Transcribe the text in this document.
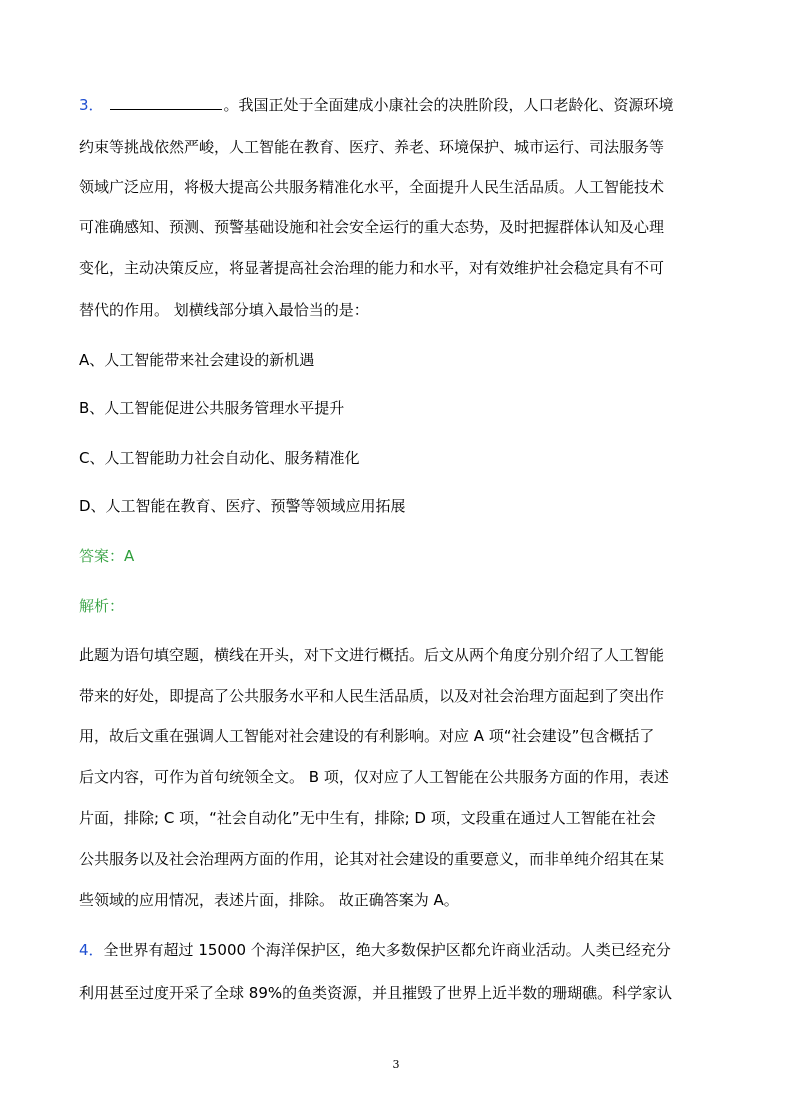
3．	。我国正处于全面建成小康社会的决胜阶段，人口老龄化、资源环境
约束等挑战依然严峻，人工智能在教育、医疗、养老、环境保护、城市运行、司法服务等
领域广泛应用，将极大提高公共服务精准化水平，全面提升人民生活品质。人工智能技术
可准确感知、预测、预警基础设施和社会安全运行的重大态势，及时把握群体认知及心理
变化，主动决策反应，将显著提高社会治理的能力和水平，对有效维护社会稳定具有不可
替代的作用。 划横线部分填入最恰当的是：
A、人工智能带来社会建设的新机遇
B、人工智能促进公共服务管理水平提升
C、人工智能助力社会自动化、服务精准化
D、人工智能在教育、医疗、预警等领域应用拓展
答案：A
解析：
此题为语句填空题，横线在开头，对下文进行概括。后文从两个角度分别介绍了人工智能
带来的好处，即提高了公共服务水平和人民生活品质，以及对社会治理方面起到了突出作
用，故后文重在强调人工智能对社会建设的有利影响。对应 A 项“社会建设”包含概括了
后文内容，可作为首句统领全文。 B 项，仅对应了人工智能在公共服务方面的作用，表述
片面，排除; C 项，“社会自动化”无中生有，排除; D 项，文段重在通过人工智能在社会
公共服务以及社会治理两方面的作用，论其对社会建设的重要意义，而非单纯介绍其在某
些领域的应用情况，表述片面，排除。 故正确答案为 A。
4．全世界有超过 15000 个海洋保护区，绝大多数保护区都允许商业活动。人类已经充分
利用甚至过度开采了全球 89%的鱼类资源，并且摧毁了世界上近半数的珊瑚礁。科学家认
3
